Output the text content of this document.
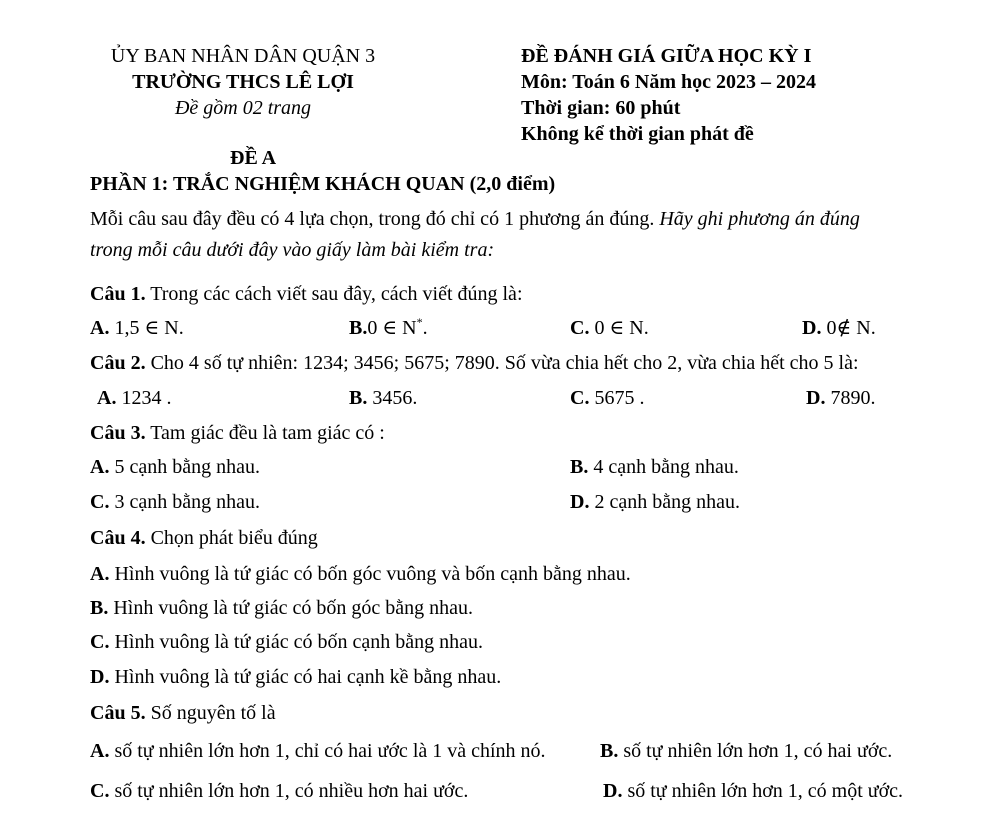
ỦY BAN NHÂN DÂN QUẬN 3
TRƯỜNG THCS LÊ LỢI
Đề gồm 02 trang
ĐỀ ĐÁNH GIÁ GIỮA HỌC KỲ I
Môn: Toán 6 Năm học 2023 – 2024
Thời gian: 60 phút
Không kể thời gian phát đề
ĐỀ A
PHẦN 1: TRẮC NGHIỆM KHÁCH QUAN (2,0 điểm)
Mỗi câu sau đây đều có 4 lựa chọn, trong đó chỉ có 1 phương án đúng. Hãy ghi phương án đúng
trong mỗi câu dưới đây vào giấy làm bài kiểm tra:
Câu 1. Trong các cách viết sau đây, cách viết đúng là:
A. 1,5 ∈ N.	B.0 ∈ N*.	C. 0 ∈ N.	D. 0∉ N.
Câu 2. Cho 4 số tự nhiên: 1234; 3456; 5675; 7890. Số vừa chia hết cho 2, vừa chia hết cho 5 là:
A. 1234 .	B. 3456.	C. 5675 .	D. 7890.
Câu 3. Tam giác đều là tam giác có :
A. 5 cạnh bằng nhau.	B. 4 cạnh bằng nhau.
C. 3 cạnh bằng nhau.	D. 2 cạnh bằng nhau.
Câu 4. Chọn phát biểu đúng
A. Hình vuông là tứ giác có bốn góc vuông và bốn cạnh bằng nhau.
B. Hình vuông là tứ giác có bốn góc bằng nhau.
C. Hình vuông là tứ giác có bốn cạnh bằng nhau.
D. Hình vuông là tứ giác có hai cạnh kề bằng nhau.
Câu 5. Số nguyên tố là
A. số tự nhiên lớn hơn 1, chỉ có hai ước là 1 và chính nó.	B. số tự nhiên lớn hơn 1, có hai ước.
C. số tự nhiên lớn hơn 1, có nhiều hơn hai ước.	D. số tự nhiên lớn hơn 1, có một ước.
